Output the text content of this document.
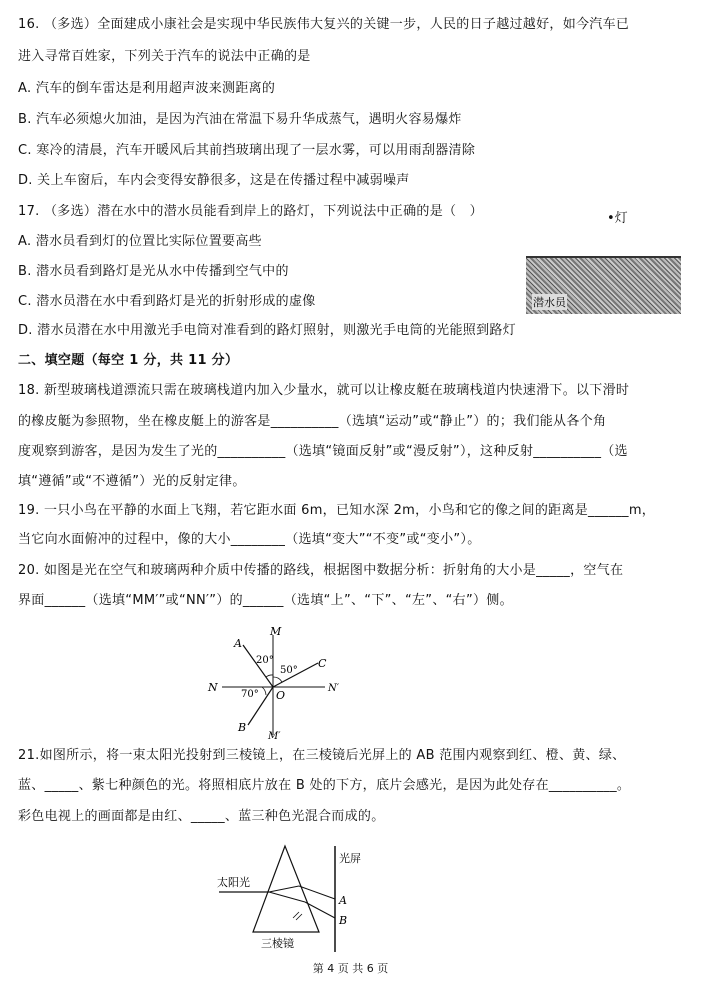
16. （多选）全面建成小康社会是实现中华民族伟大复兴的关键一步，人民的日子越过越好，如今汽车已
进入寻常百姓家，下列关于汽车的说法中正确的是
A. 汽车的倒车雷达是利用超声波来测距离的
B. 汽车必须熄火加油，是因为汽油在常温下易升华成蒸气，遇明火容易爆炸
C. 寒冷的清晨，汽车开暖风后其前挡玻璃出现了一层水雾，可以用雨刮器清除
D. 关上车窗后，车内会变得安静很多，这是在传播过程中减弱噪声
17. （多选）潜在水中的潜水员能看到岸上的路灯，下列说法中正确的是（　）	•灯
A. 潜水员看到灯的位置比实际位置要高些
B. 潜水员看到路灯是光从水中传播到空气中的
C. 潜水员潜在水中看到路灯是光的折射形成的虚像
D. 潜水员潜在水中用激光手电筒对准看到的路灯照射，则激光手电筒的光能照到路灯
潜水员
二、填空题（每空 1 分，共 11 分）
18. 新型玻璃栈道漂流只需在玻璃栈道内加入少量水，就可以让橡皮艇在玻璃栈道内快速滑下。以下滑时
的橡皮艇为参照物，坐在橡皮艇上的游客是__________（选填“运动”或“静止”）的；我们能从各个角
度观察到游客，是因为发生了光的__________（选填“镜面反射”或“漫反射”），这种反射__________（选
填“遵循”或“不遵循”）光的反射定律。
19. 一只小鸟在平静的水面上飞翔，若它距水面 6m，已知水深 2m，小鸟和它的像之间的距离是______m，
当它向水面俯冲的过程中，像的大小________（选填“变大”“不变”或“变小”）。
20. 如图是光在空气和玻璃两种介质中传播的路线，根据图中数据分析：折射角的大小是_____，空气在
界面______（选填“MM′”或“NN′”）的______（选填“上”、“下”、“左”、“右”）侧。
M
M′
N	N′
A
C
B
O
20°
50°
70°
21.如图所示，将一束太阳光投射到三棱镜上，在三棱镜后光屏上的 AB 范围内观察到红、橙、黄、绿、
蓝、_____、紫七种颜色的光。将照相底片放在 B 处的下方，底片会感光，是因为此处存在__________。
彩色电视上的画面都是由红、_____、蓝三种色光混合而成的。
光屏
太阳光
三棱镜
A
B
第 4 页 共 6 页
